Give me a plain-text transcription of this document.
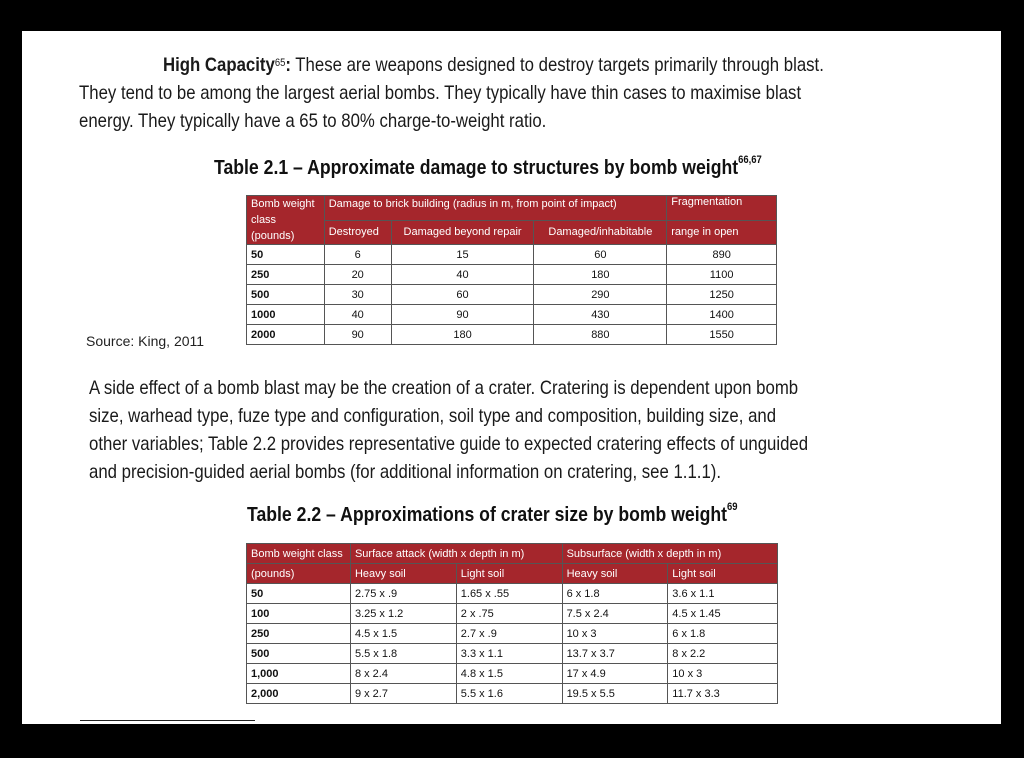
High Capacity$^{65}$: These are weapons designed to destroy targets primarily through blast.
They tend to be among the largest aerial bombs. They typically have thin cases to maximise blast
energy. They typically have a 65 to 80% charge-to-weight ratio.
Table 2.1 – Approximate damage to structures by bomb weight$^{66,67}$
Bomb weight class (pounds)	Damage to brick building (radius in m, from point of impact)			Fragmentation
	Destroyed	Damaged beyond repair	Damaged/inhabitable	range in open
50	6	15	60	890
250	20	40	180	1100
500	30	60	290	1250
1000	40	90	430	1400
2000	90	180	880	1550
Source: King, 2011
A side effect of a bomb blast may be the creation of a crater. Cratering is dependent upon bomb
size, warhead type, fuze type and configuration, soil type and composition, building size, and
other variables; Table 2.2 provides representative guide to expected cratering effects of unguided
and precision-guided aerial bombs (for additional information on cratering, see 1.1.1).
Table 2.2 – Approximations of crater size by bomb weight$^{69}$
Bomb weight class	Surface attack (width x depth in m)		Subsurface (width x depth in m)	
(pounds)	Heavy soil	Light soil	Heavy soil	Light soil
50	2.75 x .9	1.65 x .55	6 x 1.8	3.6 x 1.1
100	3.25 x 1.2	2 x .75	7.5 x 2.4	4.5 x 1.45
250	4.5 x 1.5	2.7 x .9	10 x 3	6 x 1.8
500	5.5 x 1.8	3.3 x 1.1	13.7 x 3.7	8 x 2.2
1,000	8 x 2.4	4.8 x 1.5	17 x 4.9	10 x 3
2,000	9 x 2.7	5.5 x 1.6	19.5 x 5.5	11.7 x 3.3
